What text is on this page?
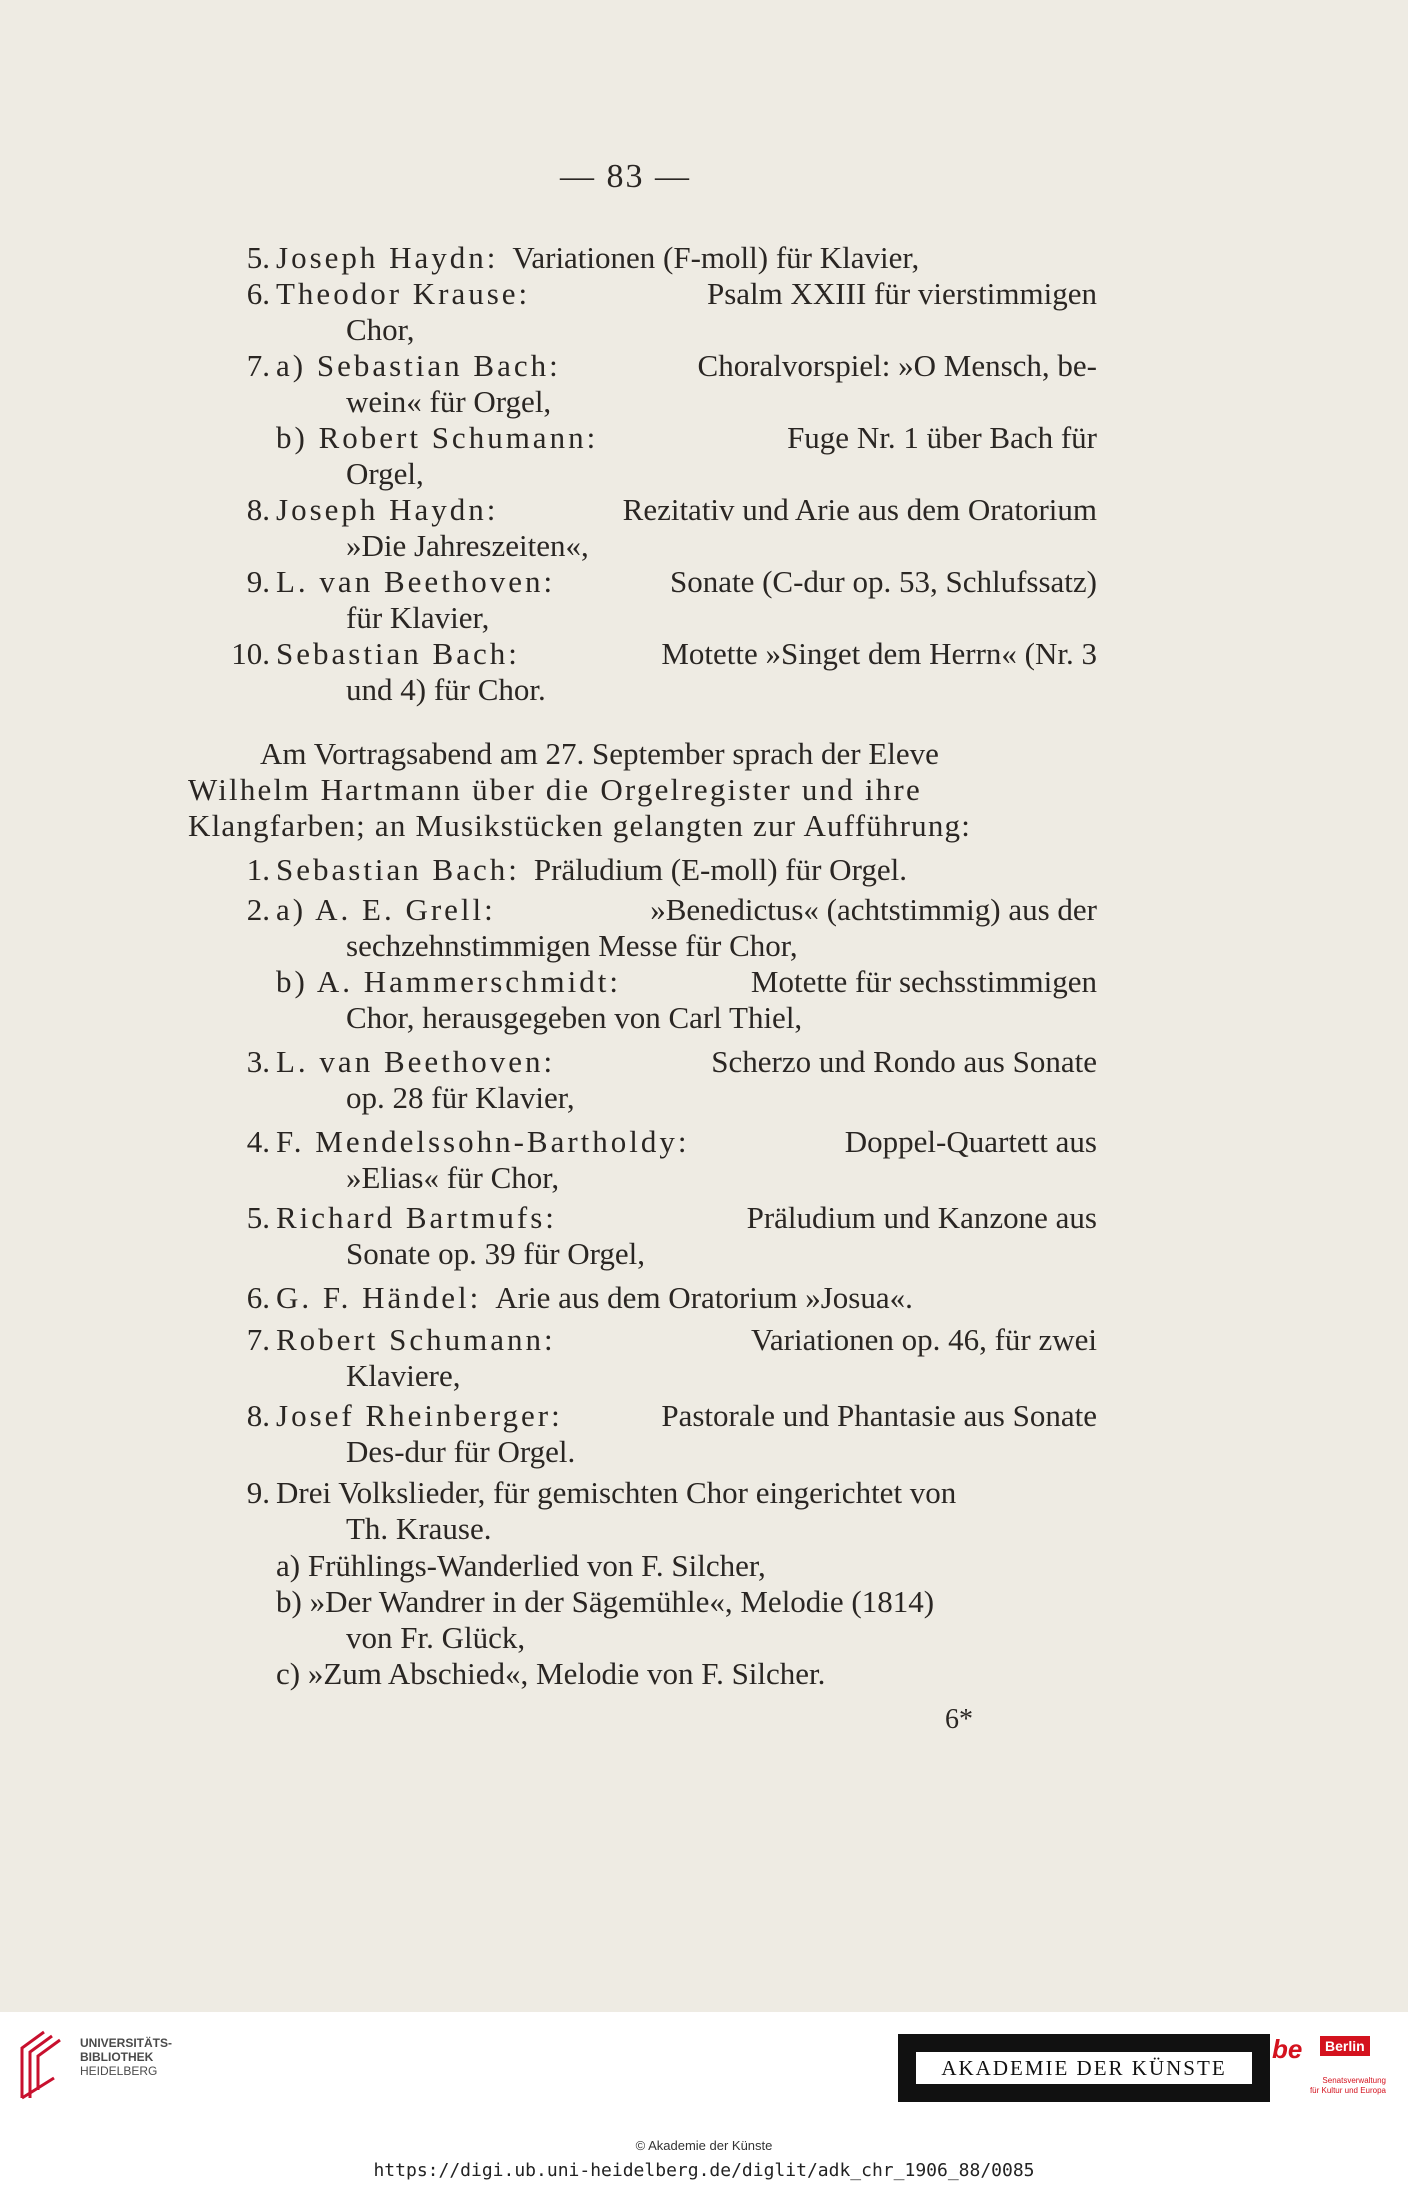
— 83 —
5. Joseph Haydn: Variationen (F-moll) für Klavier,
6. Theodor Krause:	Psalm XXIII für vierstimmigen
Chor,
7. a) Sebastian Bach:	Choralvorspiel: »O Mensch, be-
wein« für Orgel,
b) Robert Schumann:	Fuge Nr. 1 über Bach für
Orgel,
8. Joseph Haydn:	Rezitativ und Arie aus dem Oratorium
»Die Jahreszeiten«,
9. L. van Beethoven:	Sonate (C-dur op. 53, Schlufssatz)
für Klavier,
10. Sebastian Bach:	Motette »Singet dem Herrn« (Nr. 3
und 4) für Chor.
Am Vortragsabend am 27. September sprach der Eleve
Wilhelm Hartmann über die Orgelregister und ihre
Klangfarben; an Musikstücken gelangten zur Aufführung:
1. Sebastian Bach: Präludium (E-moll) für Orgel.
2. a) A. E. Grell:	»Benedictus« (achtstimmig) aus der
sechzehnstimmigen Messe für Chor,
b) A. Hammerschmidt:	Motette für sechsstimmigen
Chor, herausgegeben von Carl Thiel,
3. L. van Beethoven:	Scherzo und Rondo aus Sonate
op. 28 für Klavier,
4. F. Mendelssohn-Bartholdy:	Doppel-Quartett aus
»Elias« für Chor,
5. Richard Bartmufs:	Präludium und Kanzone aus
Sonate op. 39 für Orgel,
6. G. F. Händel: Arie aus dem Oratorium »Josua«.
7. Robert Schumann:	Variationen op. 46, für zwei
Klaviere,
8. Josef Rheinberger:	Pastorale und Phantasie aus Sonate
Des-dur für Orgel.
9. Drei Volkslieder, für gemischten Chor eingerichtet von
Th. Krause.
a) Frühlings-Wanderlied von F. Silcher,
b) »Der Wandrer in der Sägemühle«, Melodie (1814)
von Fr. Glück,
c) »Zum Abschied«, Melodie von F. Silcher.
6*
UNIVERSITÄTS-
BIBLIOTHEK
HEIDELBERG	AKADEMIE DER KÜNSTE
be	Berlin
Senatsverwaltung
für Kultur und Europa
© Akademie der Künste
https://digi.ub.uni-heidelberg.de/diglit/adk_chr_1906_88/0085
